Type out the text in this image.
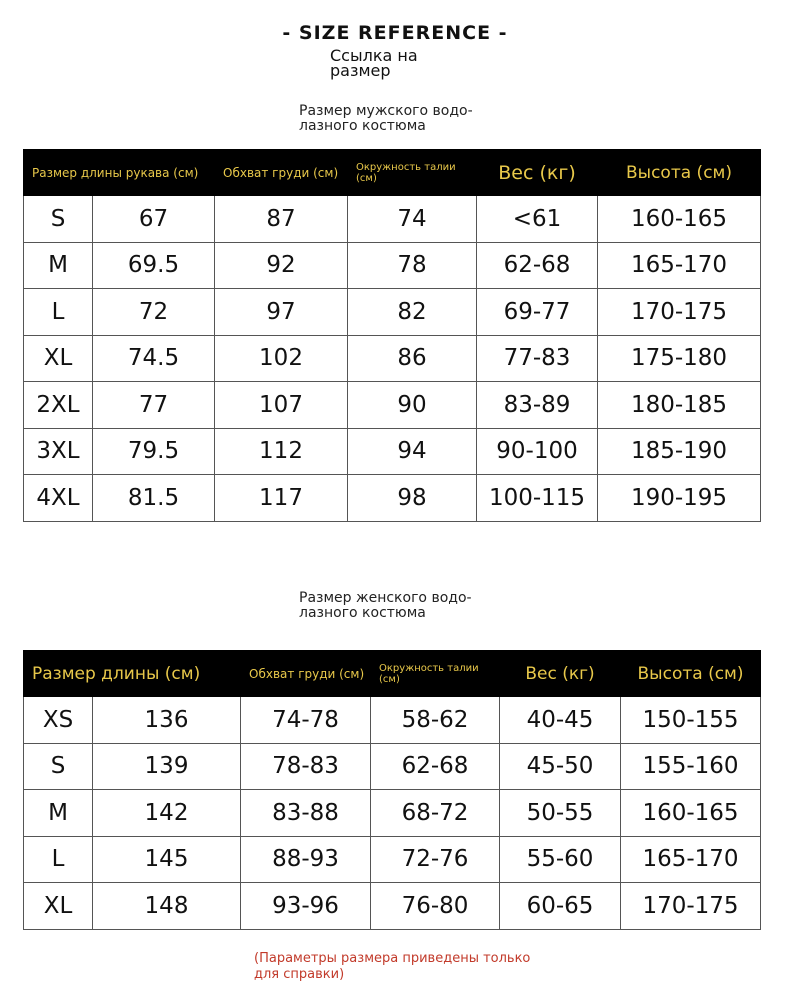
- SIZE REFERENCE -
Ссылка на размер
Размер мужского водо-лазного костюма
Размер длины рукава (см)		Обхват груди (см)	Окружность талии (см)	Вес (кг)	Высота (см)
S	67	87	74	<61	160-165
M	69.5	92	78	62-68	165-170
L	72	97	82	69-77	170-175
XL	74.5	102	86	77-83	175-180
2XL	77	107	90	83-89	180-185
3XL	79.5	112	94	90-100	185-190
4XL	81.5	117	98	100-115	190-195
Размер женского водо-лазного костюма
Размер длины (см)		Обхват груди (см)	Окружность талии (см)	Вес (кг)	Высота (см)
XS	136	74-78	58-62	40-45	150-155
S	139	78-83	62-68	45-50	155-160
M	142	83-88	68-72	50-55	160-165
L	145	88-93	72-76	55-60	165-170
XL	148	93-96	76-80	60-65	170-175
(Параметры размера приведены только для справки)
